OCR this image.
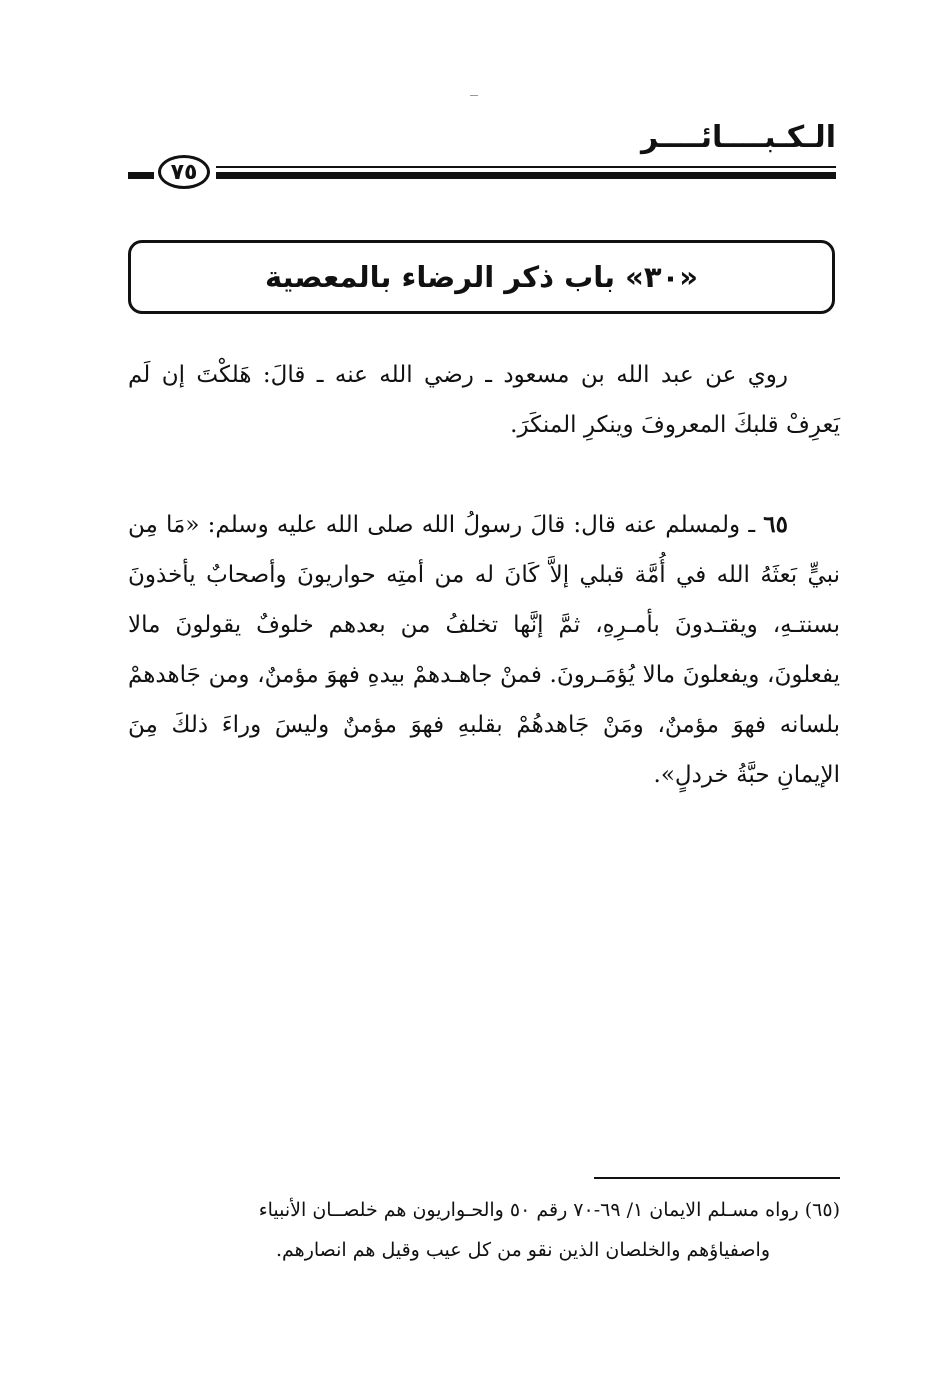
الـكـبــــائــــر
٧٥
«٣٠» باب ذكر الرضاء بالمعصية

روي عن عبد الله بن مسعود ـ رضي الله عنه ـ قالَ: هَلكْتَ إن لَم يَعرِفْ قلبكَ المعروفَ وينكرِ المنكَرَ.

٦٥ ـ ولمسلم عنه قال: قالَ رسولُ الله صلى الله عليه وسلم: «مَا مِن نبيٍّ بَعثَهُ الله في أُمَّة قبلي إلاَّ كَانَ له من أمتِه حواريونَ وأصحابٌ يأخذونَ بسنتـهِ، ويقتـدونَ بأمـرِهِ، ثمَّ إنَّها تخلفُ من بعدهم خلوفٌ يقولونَ مالا يفعلونَ، ويفعلونَ مالا يُؤمَـرونَ. فمنْ جاهـدهمْ بيدهِ فهوَ مؤمنٌ، ومن جَاهدهمْ بلسانه فهوَ مؤمنٌ، ومَنْ جَاهدهُمْ بقلبهِ فهوَ مؤمنٌ وليسَ وراءَ ذلكَ مِنَ الإيمانِ حبَّةُ خردلٍ».

(٦٥) رواه مسـلم الايمان ١/ ٦٩-٧٠ رقم ٥٠ والحـواريون هم خلصــان الأنبياء

واصفياؤهم والخلصان الذين نقو من كل عيب وقيل هم انصارهم.
